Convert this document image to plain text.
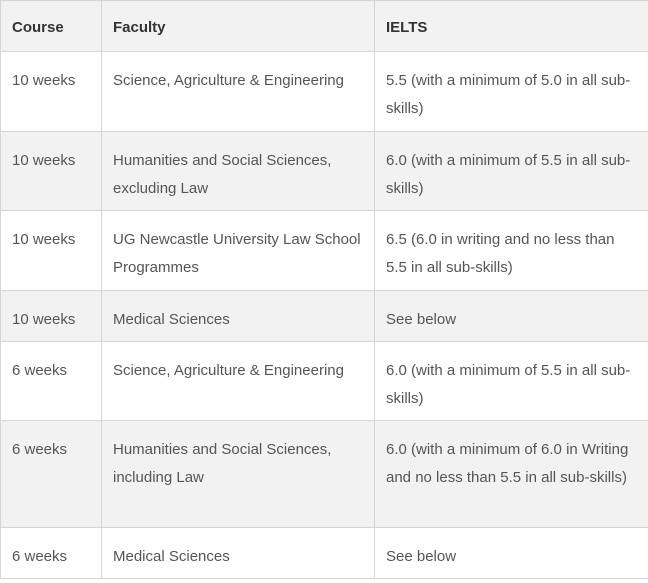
Course	Faculty	IELTS
10 weeks	Science, Agriculture & Engineering	5.5 (with a minimum of 5.0 in all sub-skills)
10 weeks	Humanities and Social Sciences, excluding Law	6.0 (with a minimum of 5.5 in all sub-skills)
10 weeks	UG Newcastle University Law School Programmes	6.5 (6.0 in writing and no less than 5.5 in all sub-skills)
10 weeks	Medical Sciences	See below
6 weeks	Science, Agriculture & Engineering	6.0 (with a minimum of 5.5 in all sub-skills)
6 weeks	Humanities and Social Sciences, including Law	6.0 (with a minimum of 6.0 in Writing and no less than 5.5 in all sub-skills)
6 weeks	Medical Sciences	See below
